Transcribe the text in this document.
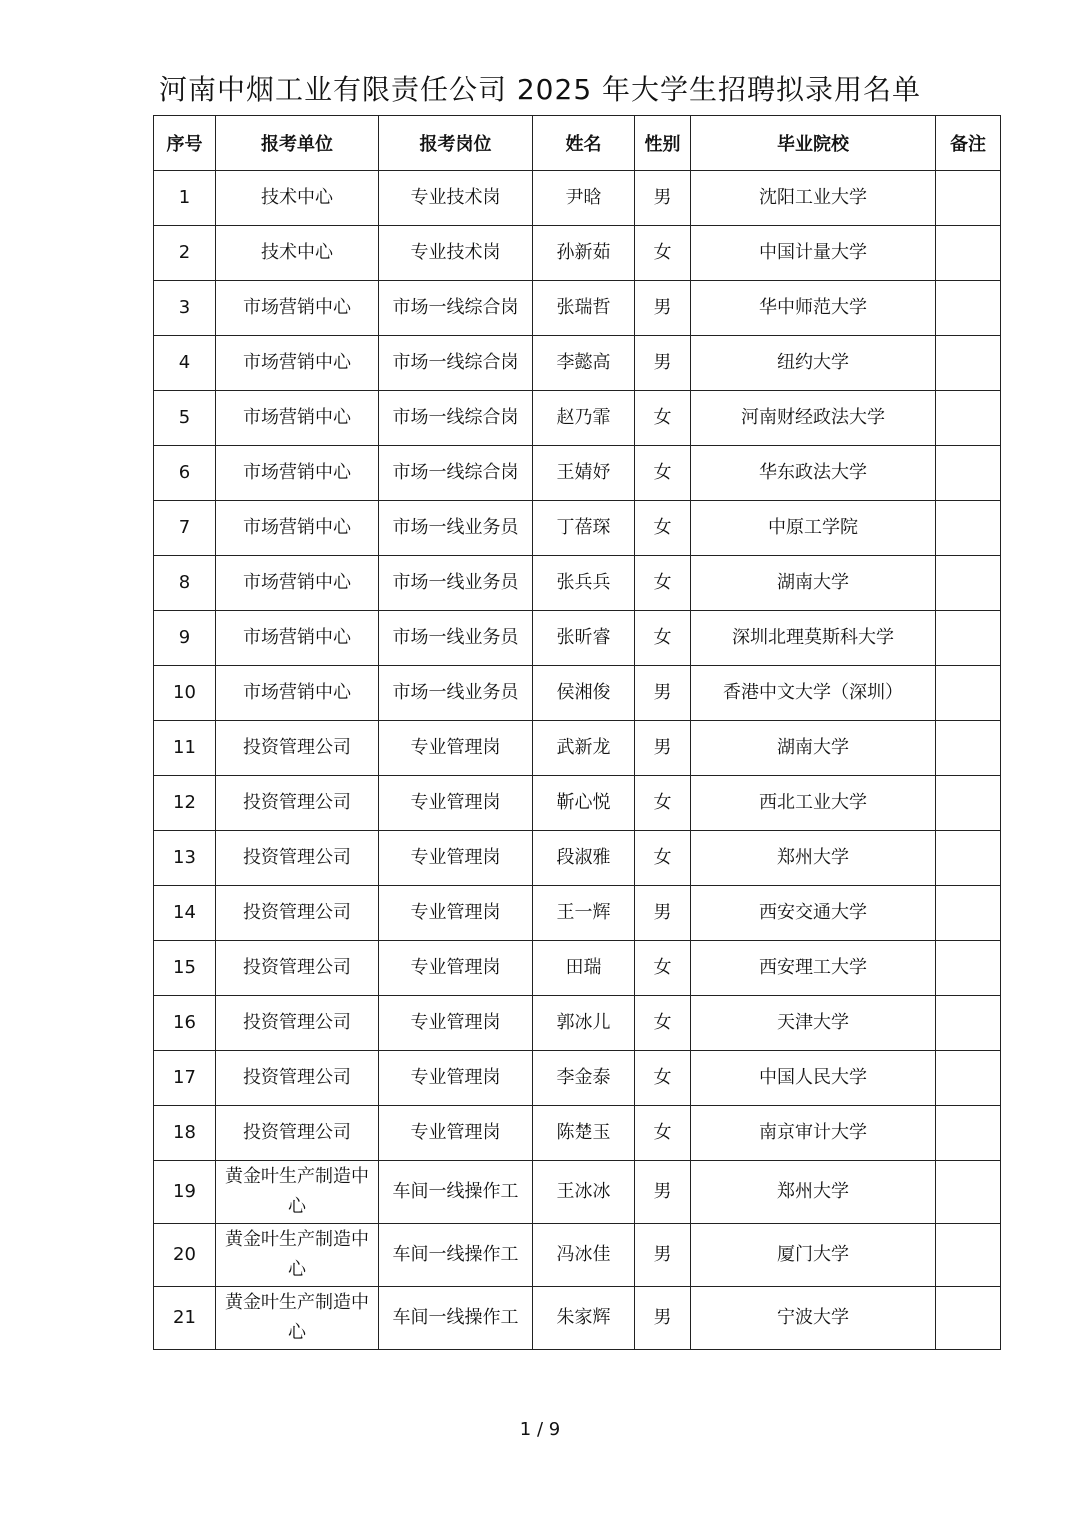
河南中烟工业有限责任公司 2025 年大学生招聘拟录用名单
序号	报考单位	报考岗位	姓名	性别	毕业院校	备注
1	技术中心	专业技术岗	尹晗	男	沈阳工业大学	
2	技术中心	专业技术岗	孙新茹	女	中国计量大学	
3	市场营销中心	市场一线综合岗	张瑞哲	男	华中师范大学	
4	市场营销中心	市场一线综合岗	李懿高	男	纽约大学	
5	市场营销中心	市场一线综合岗	赵乃霏	女	河南财经政法大学	
6	市场营销中心	市场一线综合岗	王婧妤	女	华东政法大学	
7	市场营销中心	市场一线业务员	丁蓓琛	女	中原工学院	
8	市场营销中心	市场一线业务员	张兵兵	女	湖南大学	
9	市场营销中心	市场一线业务员	张昕睿	女	深圳北理莫斯科大学	
10	市场营销中心	市场一线业务员	侯湘俊	男	香港中文大学（深圳）	
11	投资管理公司	专业管理岗	武新龙	男	湖南大学	
12	投资管理公司	专业管理岗	靳心悦	女	西北工业大学	
13	投资管理公司	专业管理岗	段淑雅	女	郑州大学	
14	投资管理公司	专业管理岗	王一辉	男	西安交通大学	
15	投资管理公司	专业管理岗	田瑞	女	西安理工大学	
16	投资管理公司	专业管理岗	郭冰儿	女	天津大学	
17	投资管理公司	专业管理岗	李金泰	女	中国人民大学	
18	投资管理公司	专业管理岗	陈楚玉	女	南京审计大学	
19	黄金叶生产制造中心	车间一线操作工	王冰冰	男	郑州大学	
20	黄金叶生产制造中心	车间一线操作工	冯冰佳	男	厦门大学	
21	黄金叶生产制造中心	车间一线操作工	朱家辉	男	宁波大学	
1 / 9
